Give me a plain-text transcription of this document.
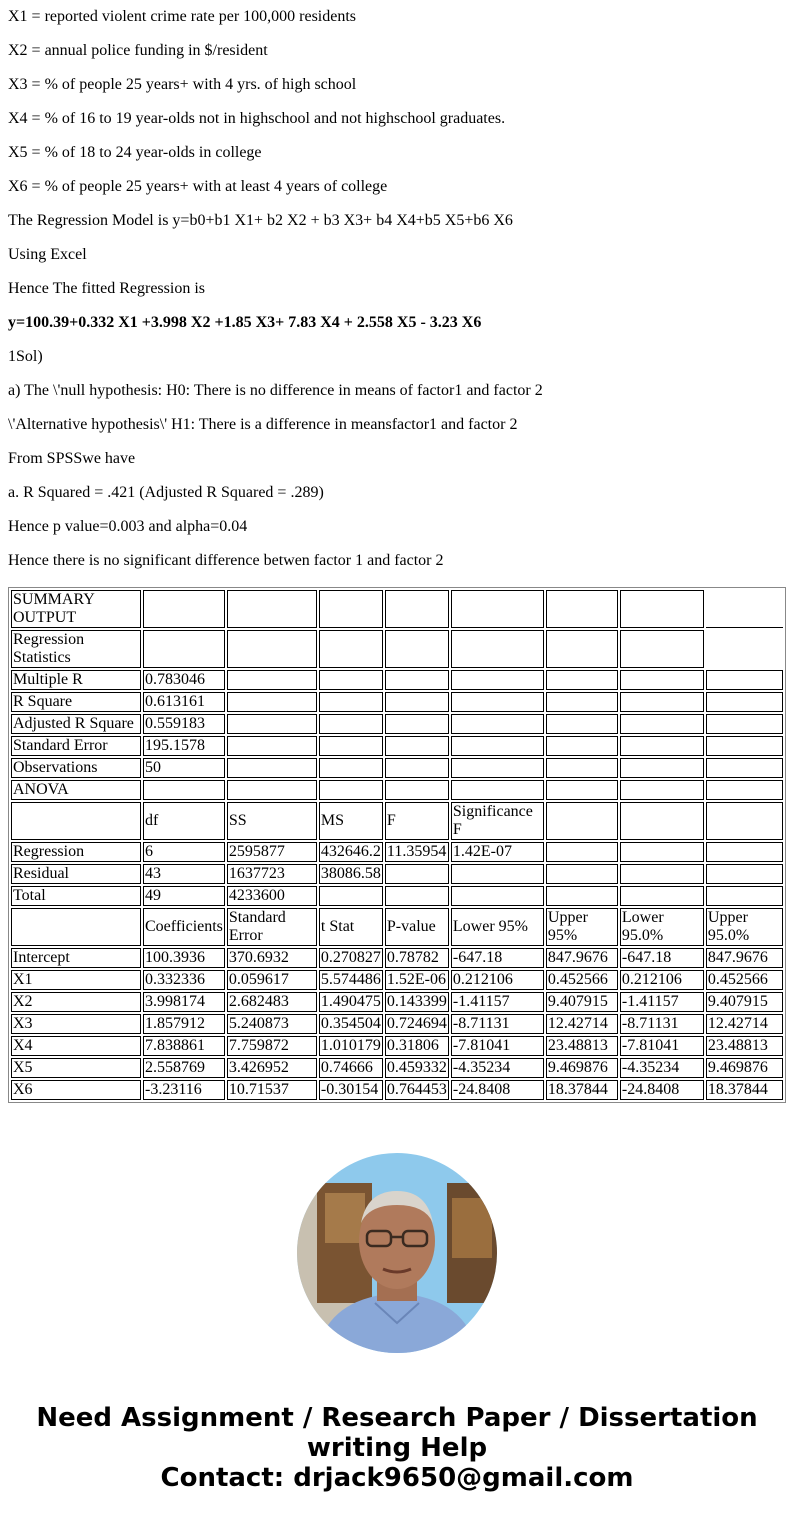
X1 = reported violent crime rate per 100,000 residents

X2 = annual police funding in $/resident

X3 = % of people 25 years+ with 4 yrs. of high school

X4 = % of 16 to 19 year-olds not in highschool and not highschool graduates.

X5 = % of 18 to 24 year-olds in college

X6 = % of people 25 years+ with at least 4 years of college

The Regression Model is y=b0+b1 X1+ b2 X2 + b3 X3+ b4 X4+b5 X5+b6 X6

Using Excel

Hence The fitted Regression is

y=100.39+0.332 X1 +3.998 X2 +1.85 X3+ 7.83 X4 + 2.558 X5 - 3.23 X6

1Sol)

a) The \'null hypothesis: H0: There is no difference in means of factor1 and factor 2

\'Alternative hypothesis\' H1: There is a difference in meansfactor1 and factor 2

From SPSSwe have

a. R Squared = .421 (Adjusted R Squared = .289)

Hence p value=0.003 and alpha=0.04

Hence there is no significant difference betwen factor 1 and factor 2

SUMMARY OUTPUT								
Regression Statistics								
Multiple R	0.783046							
R Square	0.613161							
Adjusted R Square	0.559183							
Standard Error	195.1578							
Observations	50							
ANOVA								
	df	SS	MS	F	Significance F			
Regression	6	2595877	432646.2	11.35954	1.42E-07			
Residual	43	1637723	38086.58					
Total	49	4233600						
	Coefficients	Standard Error	t Stat	P-value	Lower 95%	Upper 95%	Lower 95.0%	Upper 95.0%
Intercept	100.3936	370.6932	0.270827	0.78782	-647.18	847.9676	-647.18	847.9676
X1	0.332336	0.059617	5.574486	1.52E-06	0.212106	0.452566	0.212106	0.452566
X2	3.998174	2.682483	1.490475	0.143399	-1.41157	9.407915	-1.41157	9.407915
X3	1.857912	5.240873	0.354504	0.724694	-8.71131	12.42714	-8.71131	12.42714
X4	7.838861	7.759872	1.010179	0.31806	-7.81041	23.48813	-7.81041	23.48813
X5	2.558769	3.426952	0.74666	0.459332	-4.35234	9.469876	-4.35234	9.469876
X6	-3.23116	10.71537	-0.30154	0.764453	-24.8408	18.37844	-24.8408	18.37844
Need Assignment / Research Paper / Dissertation
writing Help
Contact: drjack9650@gmail.com
